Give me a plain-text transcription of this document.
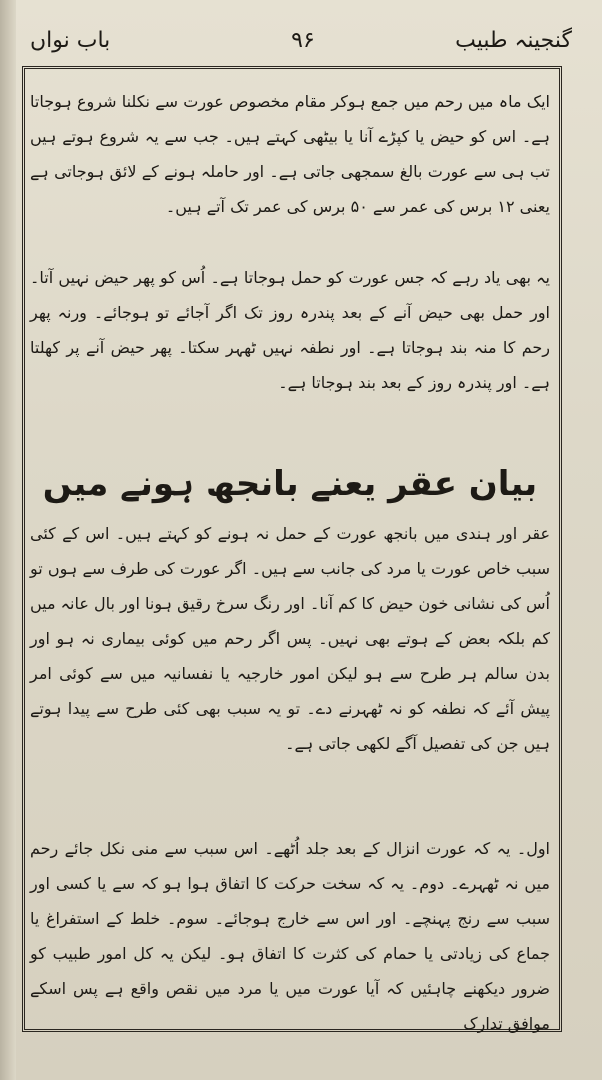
گنجینہ طبیب
۹۶
باب نواں

ایک ماہ میں رحم میں جمع ہوکر مقام مخصوص عورت سے نکلنا شروع ہوجاتا ہے۔ اس کو حیض یا کپڑے آنا یا بیٹھی کہتے ہیں۔ جب سے یہ شروع ہوتے ہیں تب ہی سے عورت بالغ سمجھی جاتی ہے۔ اور حاملہ ہونے کے لائق ہوجاتی ہے یعنی ۱۲ برس کی عمر سے ۵۰ برس کی عمر تک آتے ہیں۔

یہ بھی یاد رہے کہ جس عورت کو حمل ہوجاتا ہے۔ اُس کو پھر حیض نہیں آتا۔ اور حمل بھی حیض آنے کے بعد پندرہ روز تک اگر آجائے تو ہوجائے۔ ورنہ پھر رحم کا منہ بند ہوجاتا ہے۔ اور نطفہ نہیں ٹھہر سکتا۔ پھر حیض آنے پر کھلتا ہے۔ اور پندرہ روز کے بعد بند ہوجاتا ہے۔

بیان عقر یعنے بانجھ ہونے میں

عقر اور ہندی میں بانجھ عورت کے حمل نہ ہونے کو کہتے ہیں۔ اس کے کئی سبب خاص عورت یا مرد کی جانب سے ہیں۔ اگر عورت کی طرف سے ہوں تو اُس کی نشانی خون حیض کا کم آنا۔ اور رنگ سرخ رقیق ہونا اور بال عانہ میں کم بلکہ بعض کے ہوتے بھی نہیں۔ پس اگر رحم میں کوئی بیماری نہ ہو اور بدن سالم ہر طرح سے ہو لیکن امور خارجیہ یا نفسانیہ میں سے کوئی امر پیش آئے کہ نطفہ کو نہ ٹھہرنے دے۔ تو یہ سبب بھی کئی طرح سے پیدا ہوتے ہیں جن کی تفصیل آگے لکھی جاتی ہے۔

اول۔ یہ کہ عورت انزال کے بعد جلد اُٹھے۔ اس سبب سے منی نکل جائے رحم میں نہ ٹھہرے۔ دوم۔ یہ کہ سخت حرکت کا اتفاق ہوا ہو کہ سے یا کسی اور سبب سے رنج پہنچے۔ اور اس سے خارج ہوجائے۔ سوم۔ خلط کے استفراغ یا جماع کی زیادتی یا حمام کی کثرت کا اتفاق ہو۔ لیکن یہ کل امور طبیب کو ضرور دیکھنے چاہئیں کہ آیا عورت میں یا مرد میں نقص واقع ہے پس اسکے موافق تدارک
